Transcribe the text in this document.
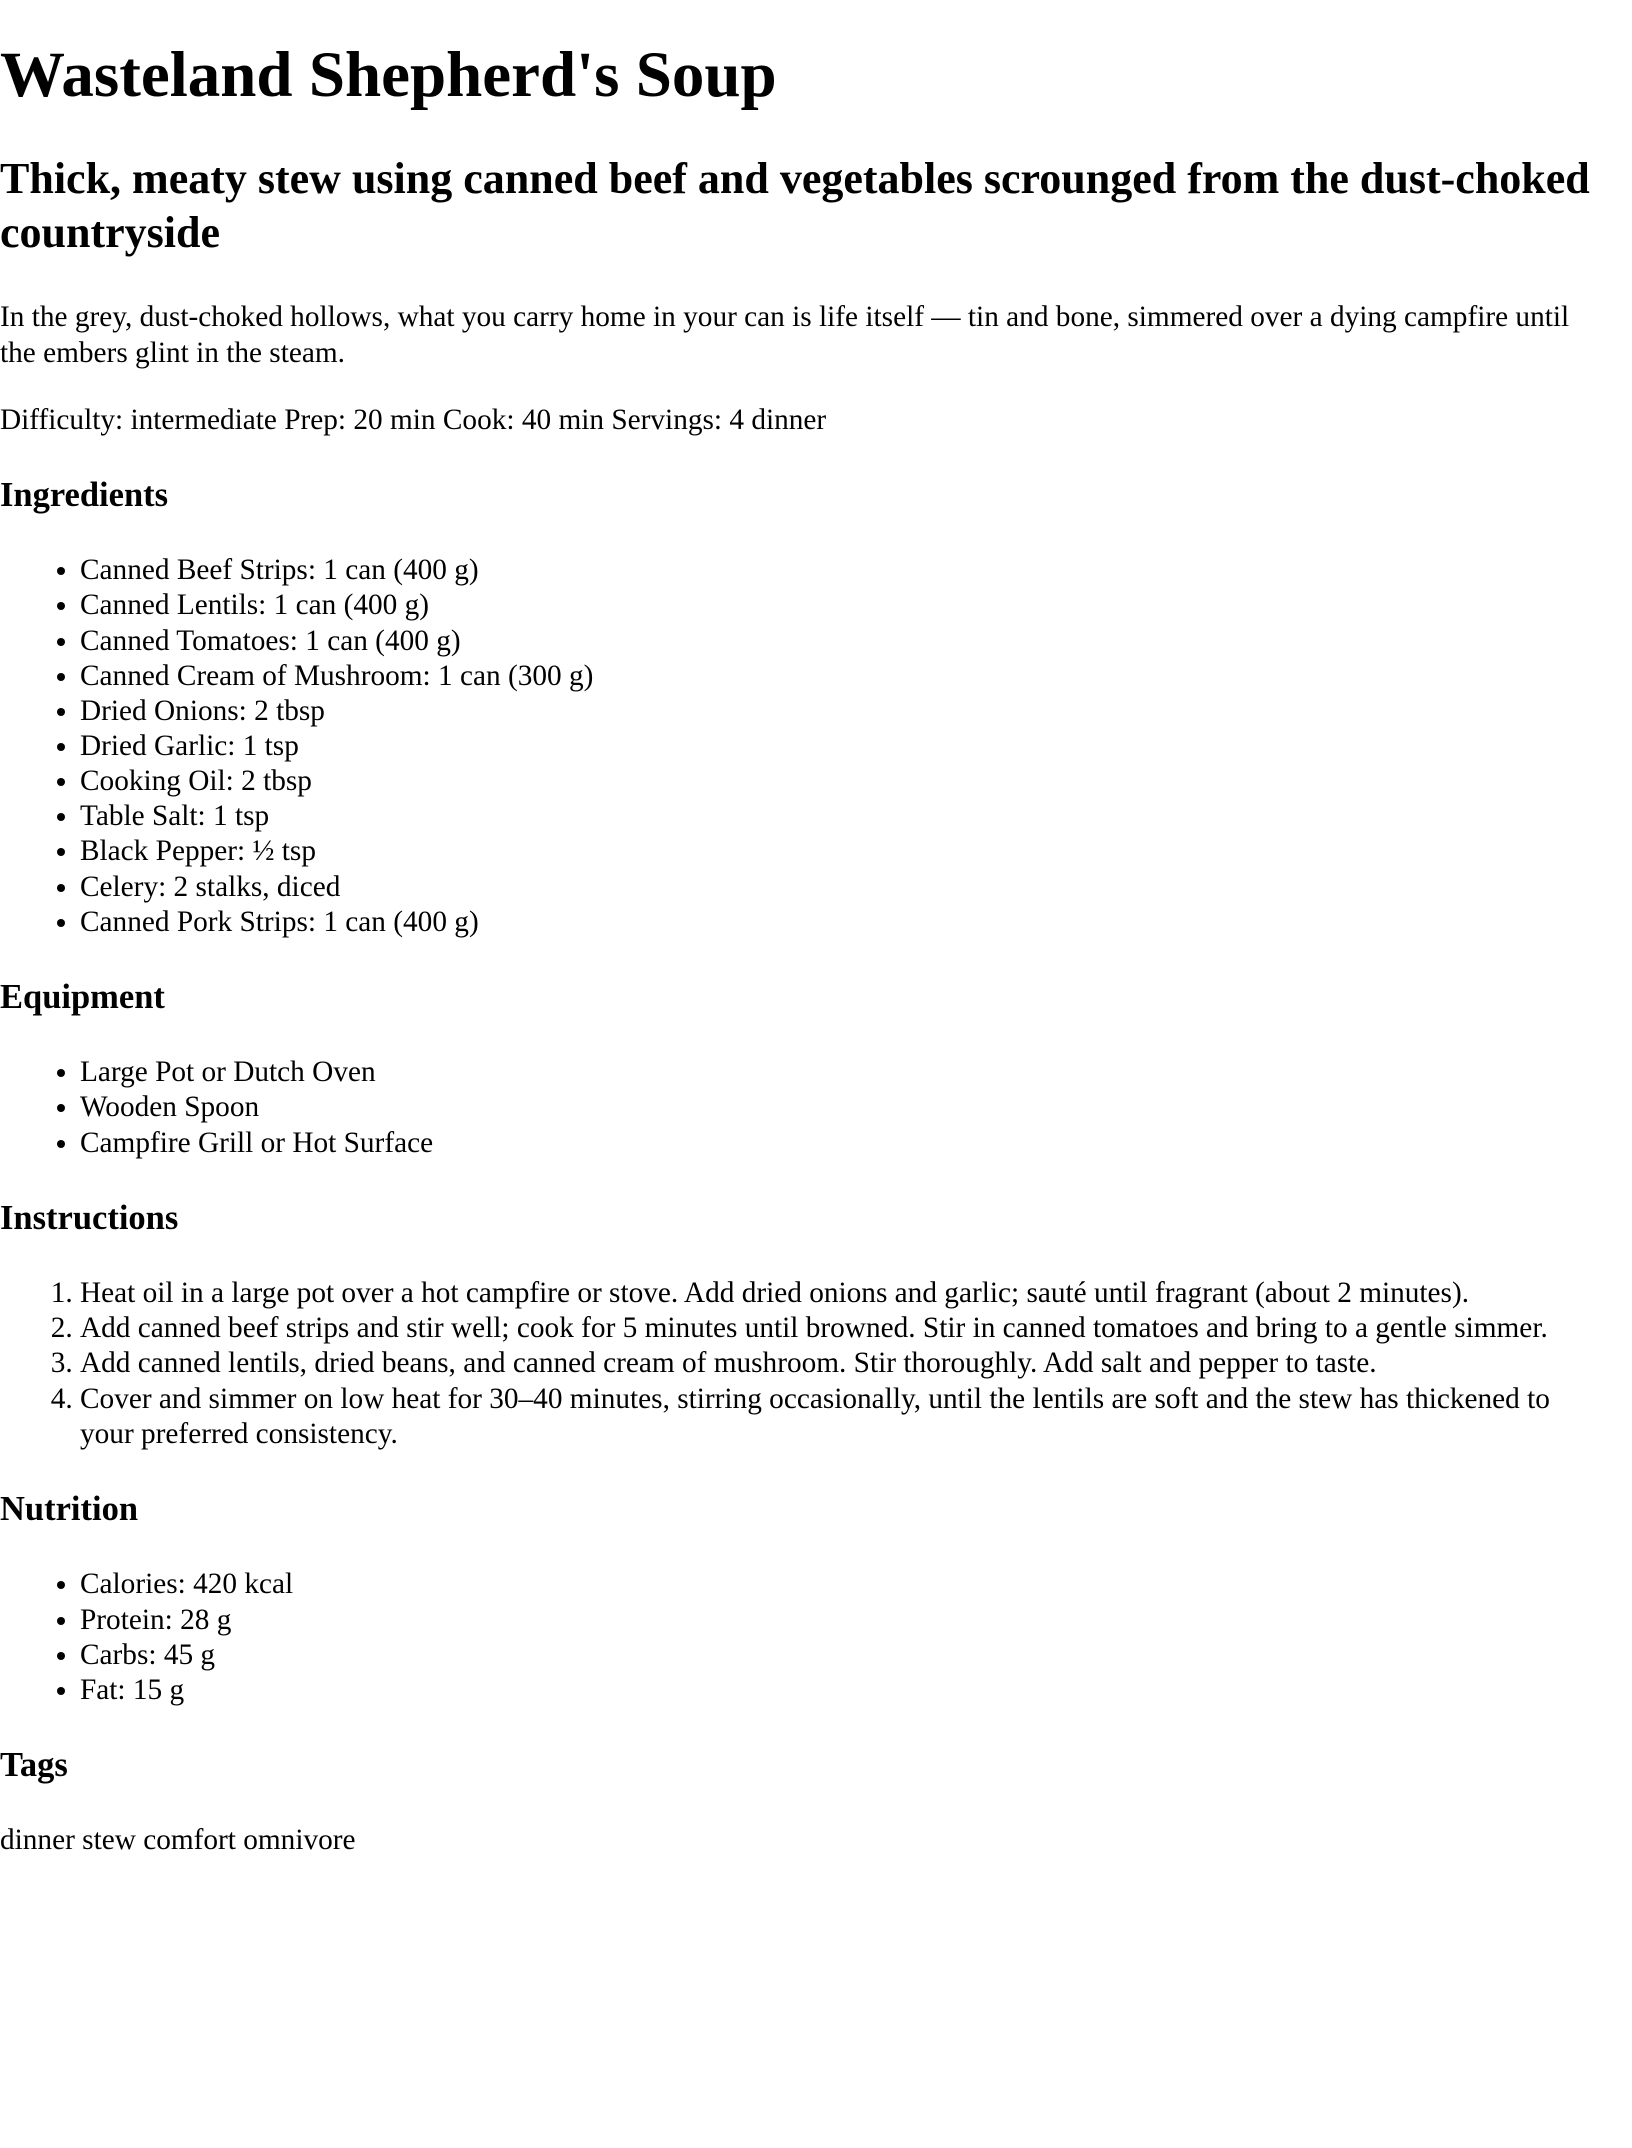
Wasteland Shepherd's Soup
Thick, meaty stew using canned beef and vegetables scrounged from the dust-choked countryside

In the grey, dust-choked hollows, what you carry home in your can is life itself — tin and bone, simmered over a dying campfire until the embers glint in the steam.

Difficulty: intermediate Prep: 20 min Cook: 40 min Servings: 4 dinner
Ingredients
• Canned Beef Strips: 1 can (400 g)
• Canned Lentils: 1 can (400 g)
• Canned Tomatoes: 1 can (400 g)
• Canned Cream of Mushroom: 1 can (300 g)
• Dried Onions: 2 tbsp
• Dried Garlic: 1 tsp
• Cooking Oil: 2 tbsp
• Table Salt: 1 tsp
• Black Pepper: ½ tsp
• Celery: 2 stalks, diced
• Canned Pork Strips: 1 can (400 g)
Equipment
• Large Pot or Dutch Oven
• Wooden Spoon
• Campfire Grill or Hot Surface
Instructions
1. Heat oil in a large pot over a hot campfire or stove. Add dried onions and garlic; sauté until fragrant (about 2 minutes).
2. Add canned beef strips and stir well; cook for 5 minutes until browned. Stir in canned tomatoes and bring to a gentle simmer.
3. Add canned lentils, dried beans, and canned cream of mushroom. Stir thoroughly. Add salt and pepper to taste.
4. Cover and simmer on low heat for 30–40 minutes, stirring occasionally, until the lentils are soft and the stew has thickened to your preferred consistency.
Nutrition
• Calories: 420 kcal
• Protein: 28 g
• Carbs: 45 g
• Fat: 15 g
Tags
dinner stew comfort omnivore
